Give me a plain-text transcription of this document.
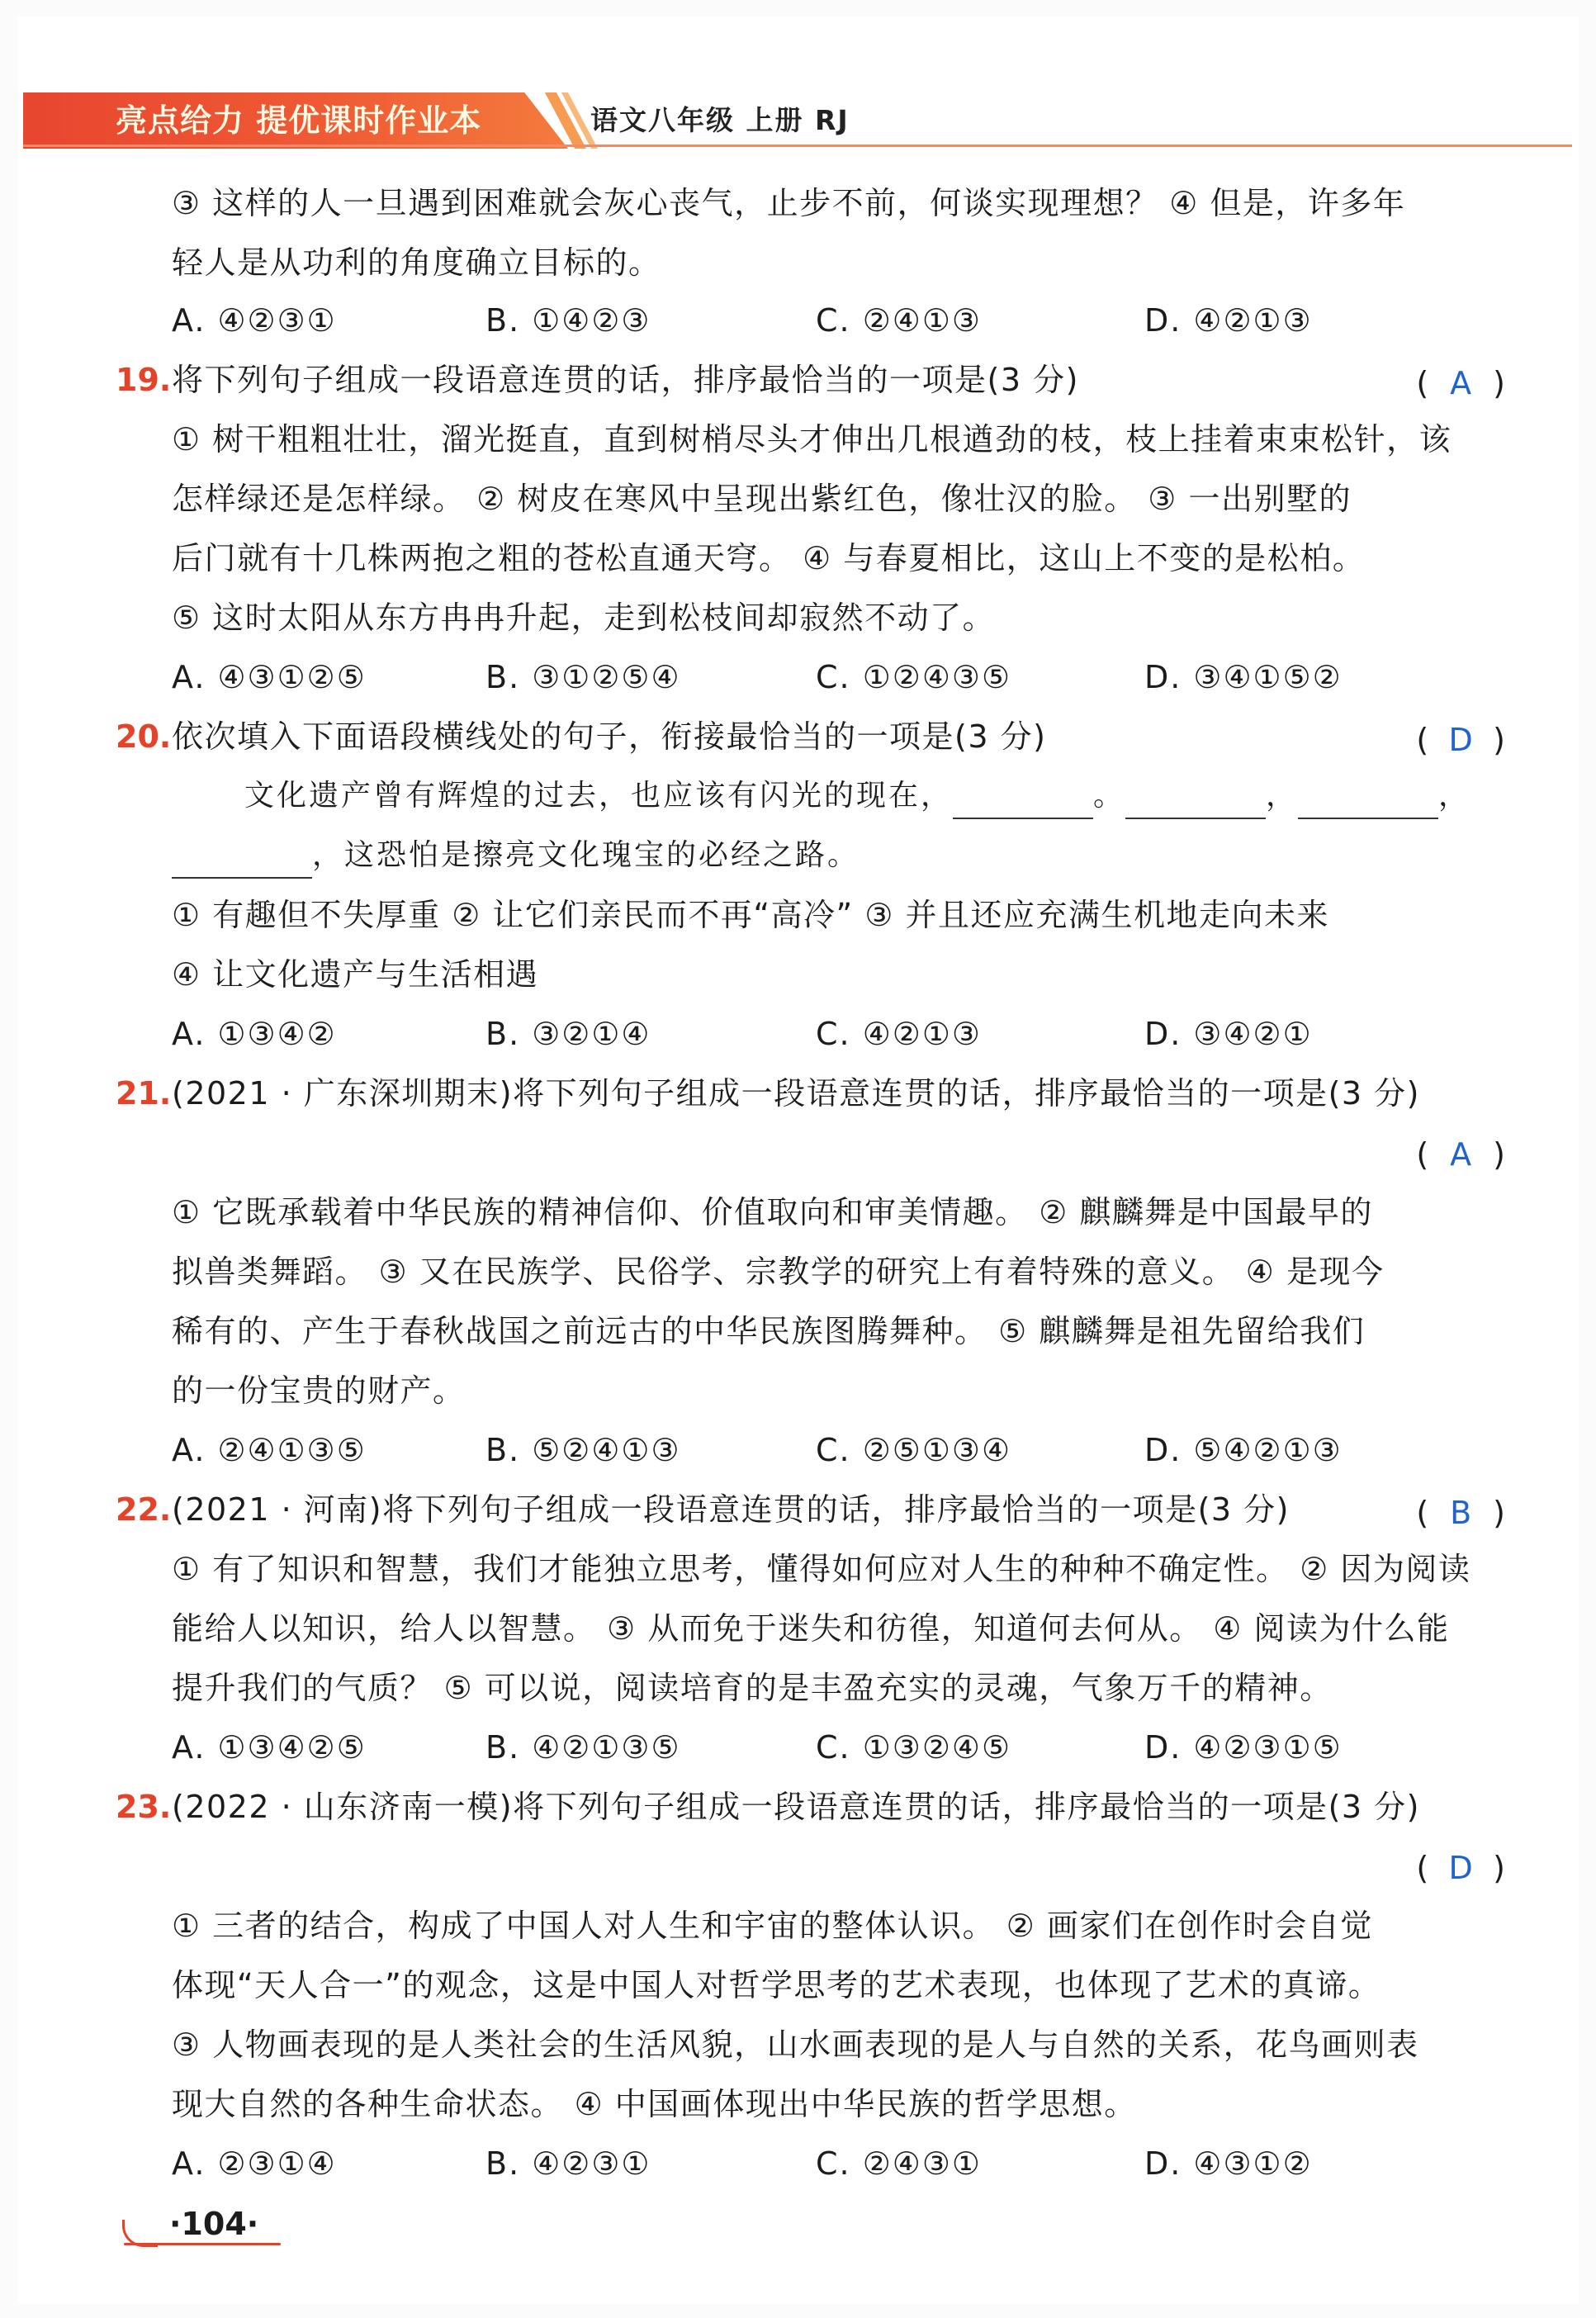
亮点给力 提优课时作业本	语文八年级 上册 RJ
③ 这样的人一旦遇到困难就会灰心丧气，止步不前，何谈实现理想？ ④ 但是，许多年
轻人是从功利的角度确立目标的。
A. ④②③①	B. ①④②③	C. ②④①③	D. ④②①③
19. 将下列句子组成一段语意连贯的话，排序最恰当的一项是(3 分)	( A )
① 树干粗粗壮壮，溜光挺直，直到树梢尽头才伸出几根遒劲的枝，枝上挂着束束松针，该
怎样绿还是怎样绿。 ② 树皮在寒风中呈现出紫红色，像壮汉的脸。 ③ 一出别墅的
后门就有十几株两抱之粗的苍松直通天穹。 ④ 与春夏相比，这山上不变的是松柏。
⑤ 这时太阳从东方冉冉升起，走到松枝间却寂然不动了。
A. ④③①②⑤	B. ③①②⑤④	C. ①②④③⑤	D. ③④①⑤②
20. 依次填入下面语段横线处的句子，衔接最恰当的一项是(3 分)	( D )
文化遗产曾有辉煌的过去，也应该有闪光的现在，	。	，	，
，这恐怕是擦亮文化瑰宝的必经之路。
① 有趣但不失厚重 ② 让它们亲民而不再“高冷” ③ 并且还应充满生机地走向未来
④ 让文化遗产与生活相遇
A. ①③④②	B. ③②①④	C. ④②①③	D. ③④②①
21. (2021 · 广东深圳期末)将下列句子组成一段语意连贯的话，排序最恰当的一项是(3 分)
( A )
① 它既承载着中华民族的精神信仰、价值取向和审美情趣。 ② 麒麟舞是中国最早的
拟兽类舞蹈。 ③ 又在民族学、民俗学、宗教学的研究上有着特殊的意义。 ④ 是现今
稀有的、产生于春秋战国之前远古的中华民族图腾舞种。 ⑤ 麒麟舞是祖先留给我们
的一份宝贵的财产。
A. ②④①③⑤	B. ⑤②④①③	C. ②⑤①③④	D. ⑤④②①③
22. (2021 · 河南)将下列句子组成一段语意连贯的话，排序最恰当的一项是(3 分)	( B )
① 有了知识和智慧，我们才能独立思考，懂得如何应对人生的种种不确定性。 ② 因为阅读
能给人以知识，给人以智慧。 ③ 从而免于迷失和彷徨，知道何去何从。 ④ 阅读为什么能
提升我们的气质？ ⑤ 可以说，阅读培育的是丰盈充实的灵魂，气象万千的精神。
A. ①③④②⑤	B. ④②①③⑤	C. ①③②④⑤	D. ④②③①⑤
23. (2022 · 山东济南一模)将下列句子组成一段语意连贯的话，排序最恰当的一项是(3 分)
( D )
① 三者的结合，构成了中国人对人生和宇宙的整体认识。 ② 画家们在创作时会自觉
体现“天人合一”的观念，这是中国人对哲学思考的艺术表现，也体现了艺术的真谛。
③ 人物画表现的是人类社会的生活风貌，山水画表现的是人与自然的关系，花鸟画则表
现大自然的各种生命状态。 ④ 中国画体现出中华民族的哲学思想。
A. ②③①④	B. ④②③①	C. ②④③①	D. ④③①②
·104·
